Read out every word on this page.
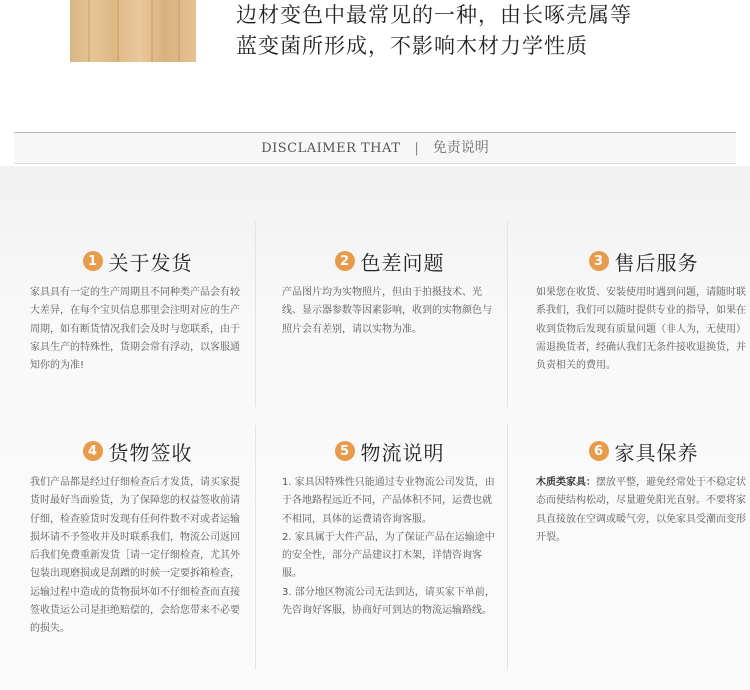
边材变色中最常见的一种，由长啄壳属等
蓝变菌所形成，不影响木材力学性质
DISCLAIMER THAT | 免责说明
1 关于发货

家具具有一定的生产周期且不同种类产品会有较大差异，在每个宝贝信息那里会注明对应的生产周期，如有断货情况我们会及时与您联系，由于家具生产的特殊性，货期会常有浮动，以客服通知你的为准!

2 色差问题

产品图片均为实物照片，但由于拍摄技术、光线、显示器参数等因素影响，收到的实物颜色与照片会有差别，请以实物为准。

3 售后服务

如果您在收货、安装使用时遇到问题，请随时联系我们，我们可以随时提供专业的指导，如果在收到货物后发现有质量问题（非人为，无使用）需退换货者，经确认我们无条件接收退换货，并负责相关的费用。

4 货物签收

我们产品都是经过仔细检查后才发货，请买家提货时最好当面验货，为了保障您的权益签收前请仔细，检查验货时发现有任何件数不对或者运输损坏请不予签收并及时联系我们，物流公司返回后我们免费重新发货［请一定仔细检查，尤其外包装出现磨损或是刮蹭的时候一定要拆箱检查，运输过程中造成的货物损坏如不仔细检查而直接签收货运公司是拒绝赔偿的，会给您带来不必要的损失。

5 物流说明

1. 家具因特殊性只能通过专业物流公司发货，由于各地路程远近不同，产品体积不同，运费也就不相同，具体的运费请咨询客服。

2. 家具属于大件产品，为了保证产品在运输途中的安全性，部分产品建议打木架，详情咨询客服。

3. 部分地区物流公司无法到达，请买家下单前，先咨询好客服，协商好可到达的物流运输路线。

6 家具保养

木质类家具：摆放平整，避免经常处于不稳定状态而使结构松动，尽量避免阳光直射。不要将家具直接放在空调或暖气旁，以免家具受潮而变形开裂。
